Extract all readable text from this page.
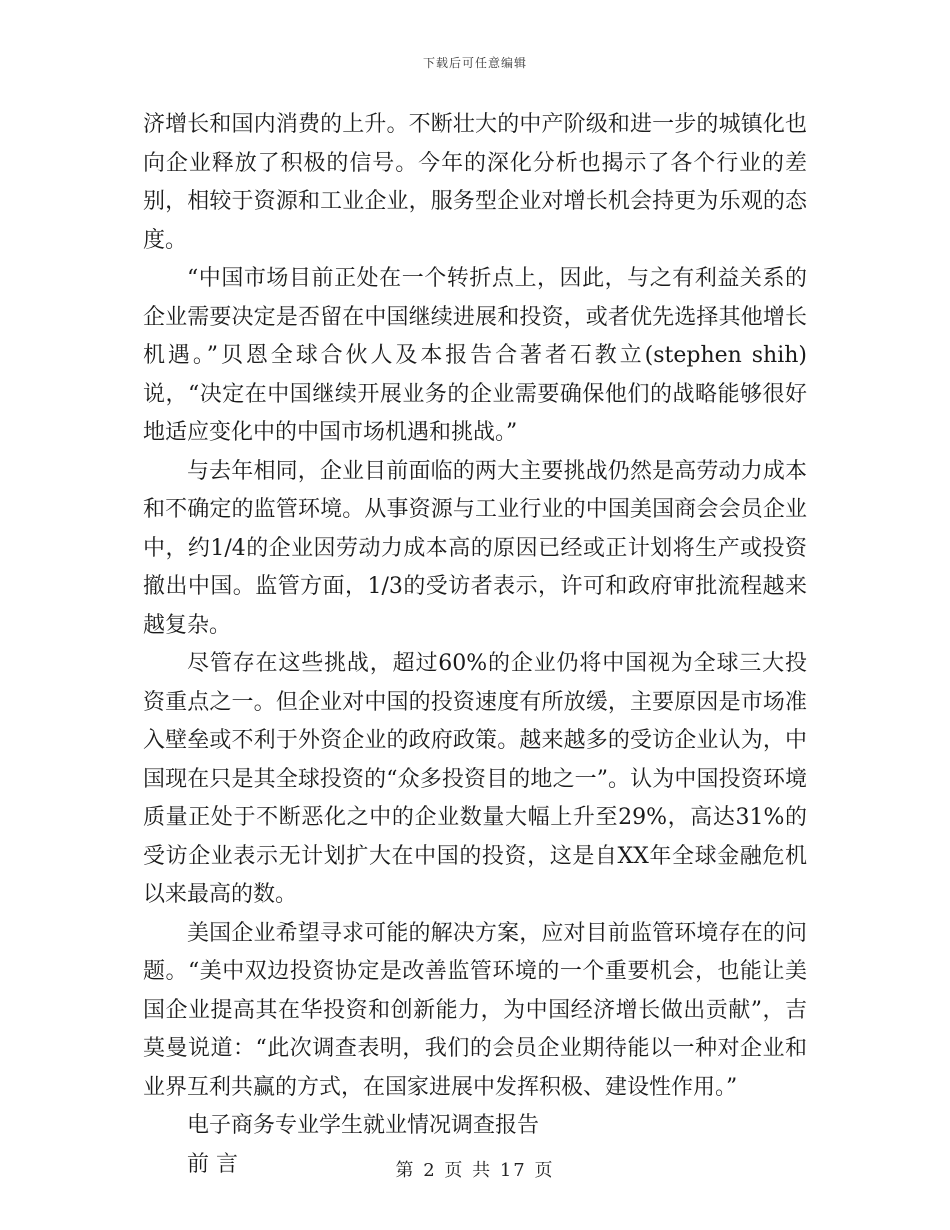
下载后可任意编辑

济增长和国内消费的上升。不断壮大的中产阶级和进一步的城镇化也向企业释放了积极的信号。今年的深化分析也揭示了各个行业的差别，相较于资源和工业企业，服务型企业对增长机会持更为乐观的态度。

“中国市场目前正处在一个转折点上，因此，与之有利益关系的企业需要决定是否留在中国继续进展和投资，或者优先选择其他增长机遇。”贝恩全球合伙人及本报告合著者石教立(stephen shih)说，“决定在中国继续开展业务的企业需要确保他们的战略能够很好地适应变化中的中国市场机遇和挑战。”

与去年相同，企业目前面临的两大主要挑战仍然是高劳动力成本和不确定的监管环境。从事资源与工业行业的中国美国商会会员企业中，约1/4的企业因劳动力成本高的原因已经或正计划将生产或投资撤出中国。监管方面，1/3的受访者表示，许可和政府审批流程越来越复杂。

尽管存在这些挑战，超过60%的企业仍将中国视为全球三大投资重点之一。但企业对中国的投资速度有所放缓，主要原因是市场准入壁垒或不利于外资企业的政府政策。越来越多的受访企业认为，中国现在只是其全球投资的“众多投资目的地之一”。认为中国投资环境质量正处于不断恶化之中的企业数量大幅上升至29%，高达31%的受访企业表示无计划扩大在中国的投资，这是自XX年全球金融危机以来最高的数。

美国企业希望寻求可能的解决方案，应对目前监管环境存在的问题。“美中双边投资协定是改善监管环境的一个重要机会，也能让美国企业提高其在华投资和创新能力，为中国经济增长做出贡献”，吉莫曼说道：“此次调查表明，我们的会员企业期待能以一种对企业和业界互利共赢的方式，在国家进展中发挥积极、建设性作用。”

电子商务专业学生就业情况调查报告

前 言	第 2 页 共 17 页
